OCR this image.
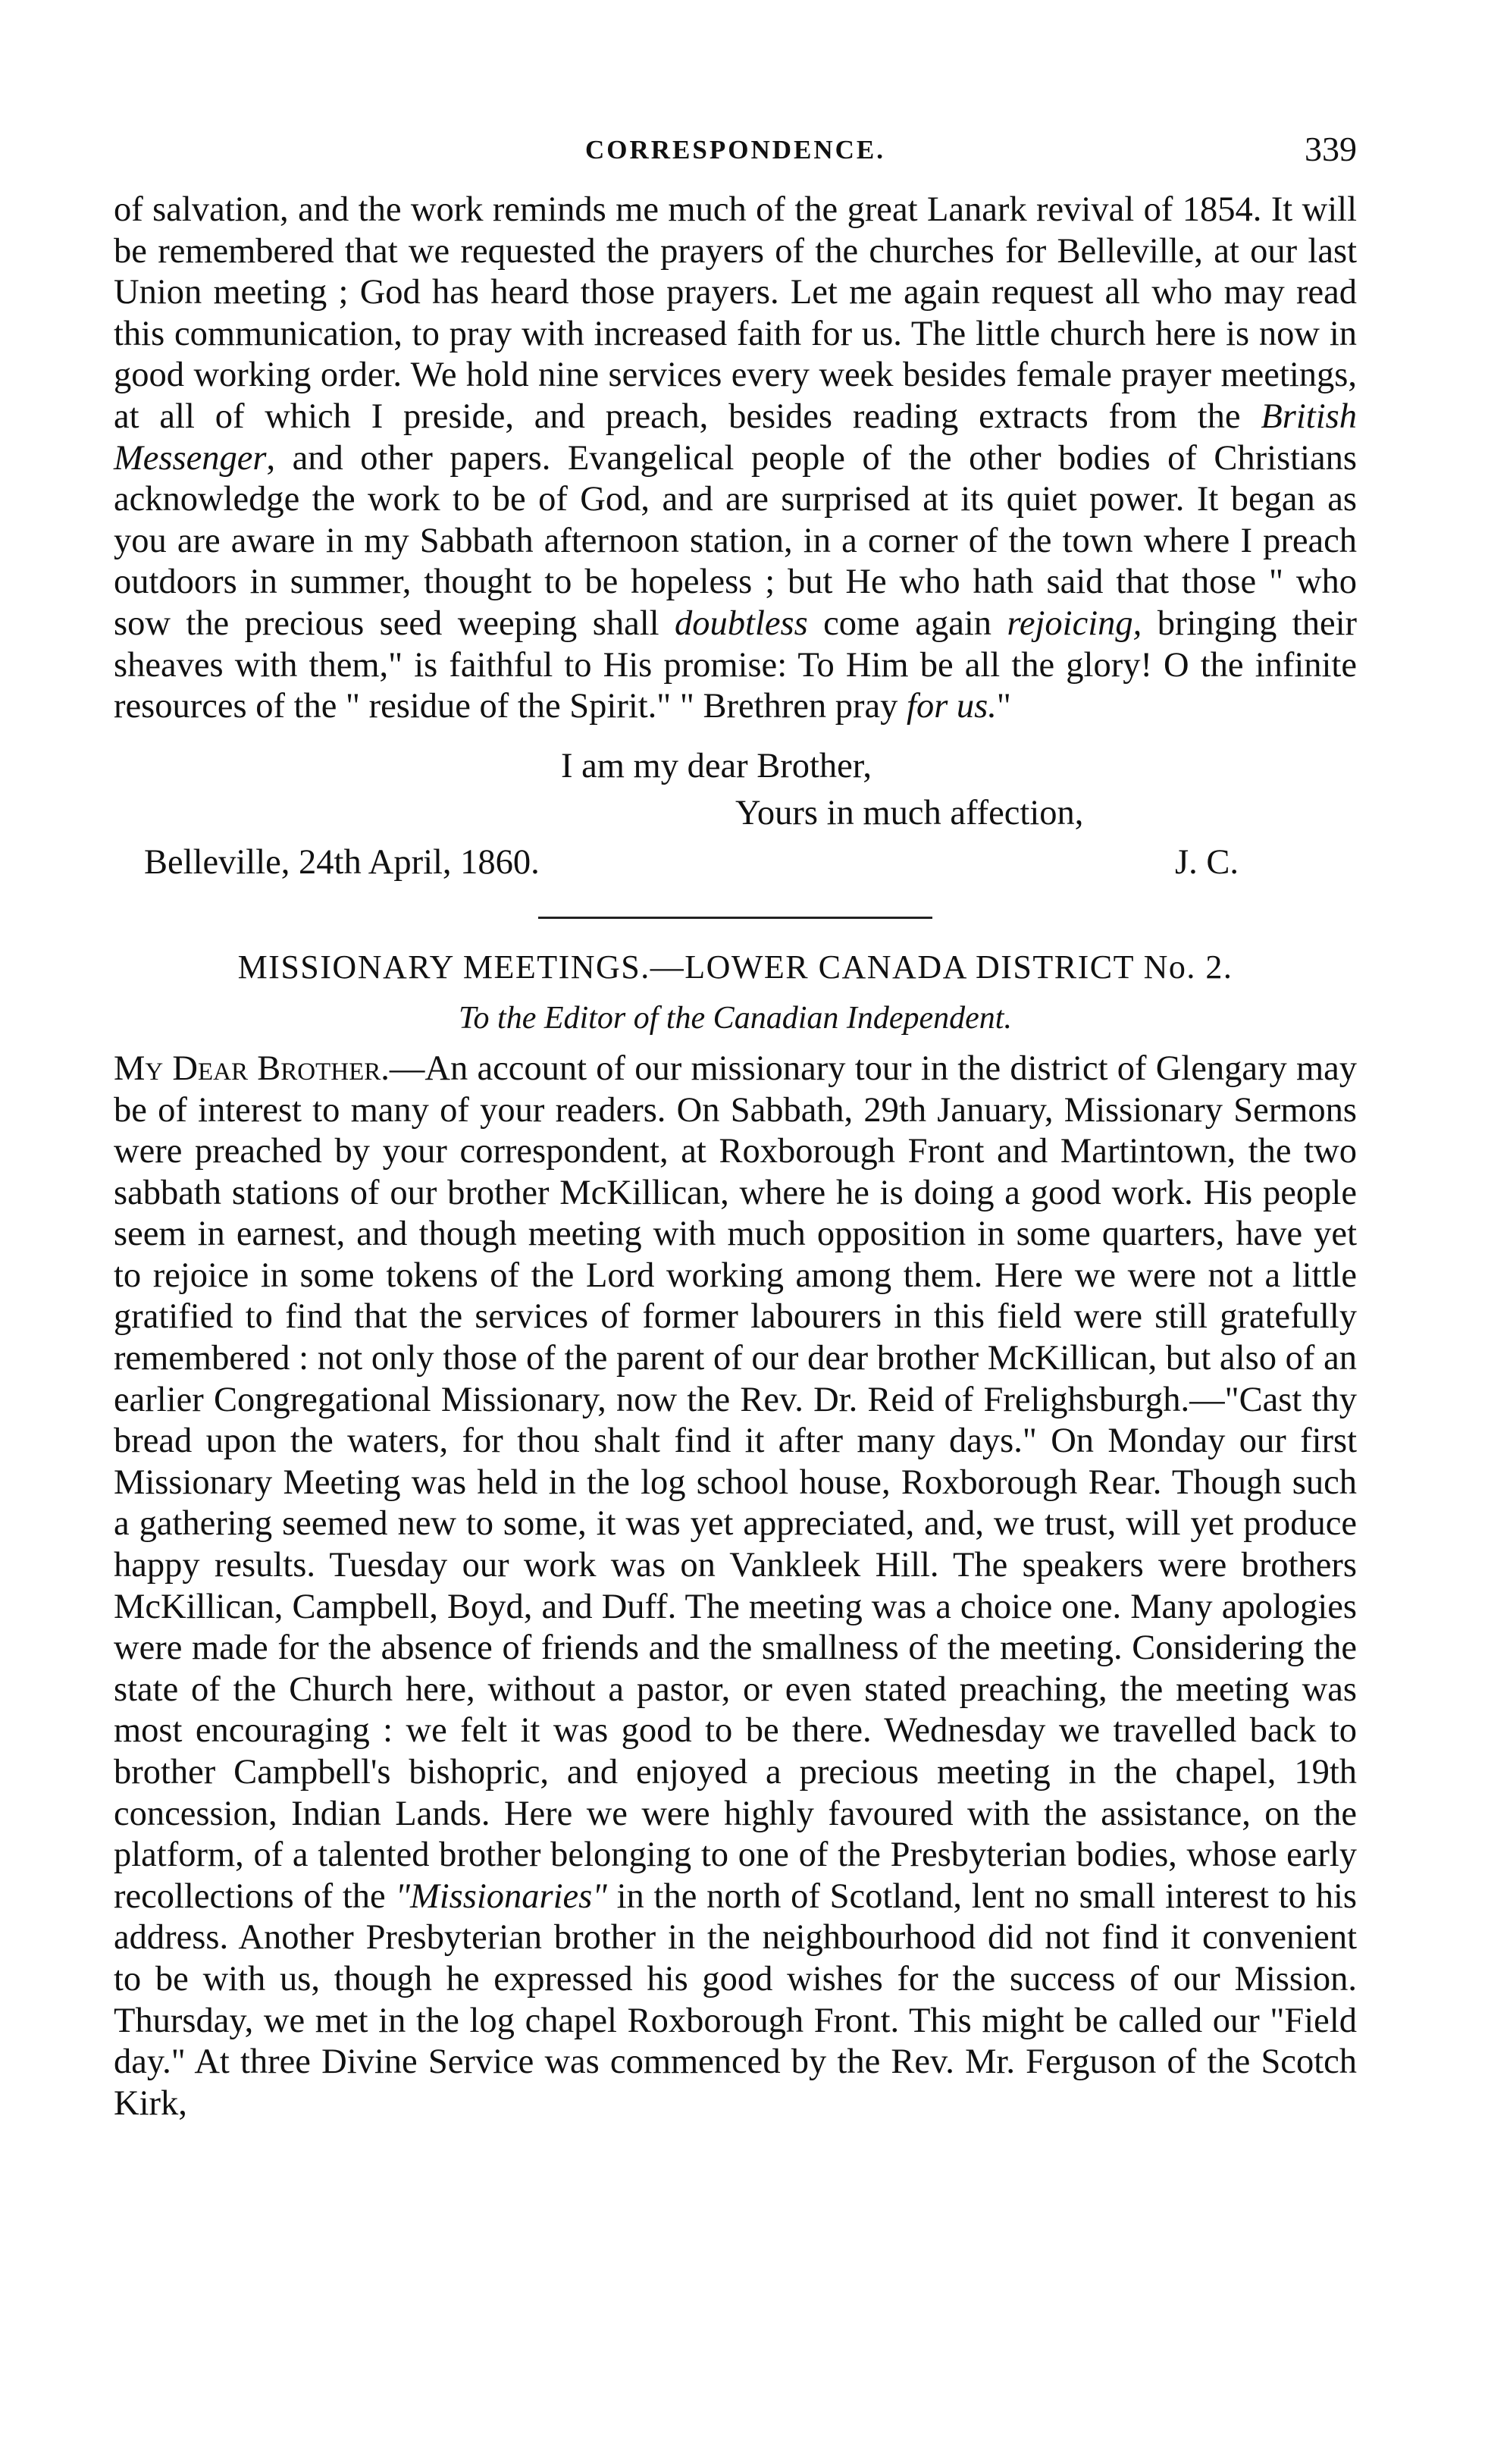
CORRESPONDENCE.	339

of salvation, and the work reminds me much of the great Lanark revival of 1854. It will be remembered that we requested the prayers of the churches for Belleville, at our last Union meeting ; God has heard those prayers. Let me again request all who may read this communication, to pray with increased faith for us. The little church here is now in good working order. We hold nine services every week besides female prayer meetings, at all of which I preside, and preach, besides reading extracts from the British Messenger, and other papers. Evangelical people of the other bodies of Christians acknowledge the work to be of God, and are surprised at its quiet power. It began as you are aware in my Sabbath afternoon station, in a corner of the town where I preach outdoors in summer, thought to be hopeless ; but He who hath said that those " who sow the precious seed weeping shall doubtless come again rejoicing, bringing their sheaves with them," is faithful to His promise: To Him be all the glory! O the infinite resources of the " residue of the Spirit." " Brethren pray for us."

I am my dear Brother,

Yours in much affection,

Belleville, 24th April, 1860.	J. C.

MISSIONARY MEETINGS.—LOWER CANADA DISTRICT No. 2.

To the Editor of the Canadian Independent.

My Dear Brother.—An account of our missionary tour in the district of Glengary may be of interest to many of your readers. On Sabbath, 29th January, Missionary Sermons were preached by your correspondent, at Roxborough Front and Martintown, the two sabbath stations of our brother McKillican, where he is doing a good work. His people seem in earnest, and though meeting with much opposition in some quarters, have yet to rejoice in some tokens of the Lord working among them. Here we were not a little gratified to find that the services of former labourers in this field were still gratefully remembered : not only those of the parent of our dear brother McKillican, but also of an earlier Congregational Missionary, now the Rev. Dr. Reid of Frelighsburgh.—"Cast thy bread upon the waters, for thou shalt find it after many days." On Monday our first Missionary Meeting was held in the log school house, Roxborough Rear. Though such a gathering seemed new to some, it was yet appreciated, and, we trust, will yet produce happy results. Tuesday our work was on Vankleek Hill. The speakers were brothers McKillican, Campbell, Boyd, and Duff. The meeting was a choice one. Many apologies were made for the absence of friends and the smallness of the meeting. Considering the state of the Church here, without a pastor, or even stated preaching, the meeting was most encouraging : we felt it was good to be there. Wednesday we travelled back to brother Campbell's bishopric, and enjoyed a precious meeting in the chapel, 19th concession, Indian Lands. Here we were highly favoured with the assistance, on the platform, of a talented brother belonging to one of the Presbyterian bodies, whose early recollections of the "Missionaries" in the north of Scotland, lent no small interest to his address. Another Presbyterian brother in the neighbourhood did not find it convenient to be with us, though he expressed his good wishes for the success of our Mission. Thursday, we met in the log chapel Roxborough Front. This might be called our "Field day." At three Divine Service was commenced by the Rev. Mr. Ferguson of the Scotch Kirk,
